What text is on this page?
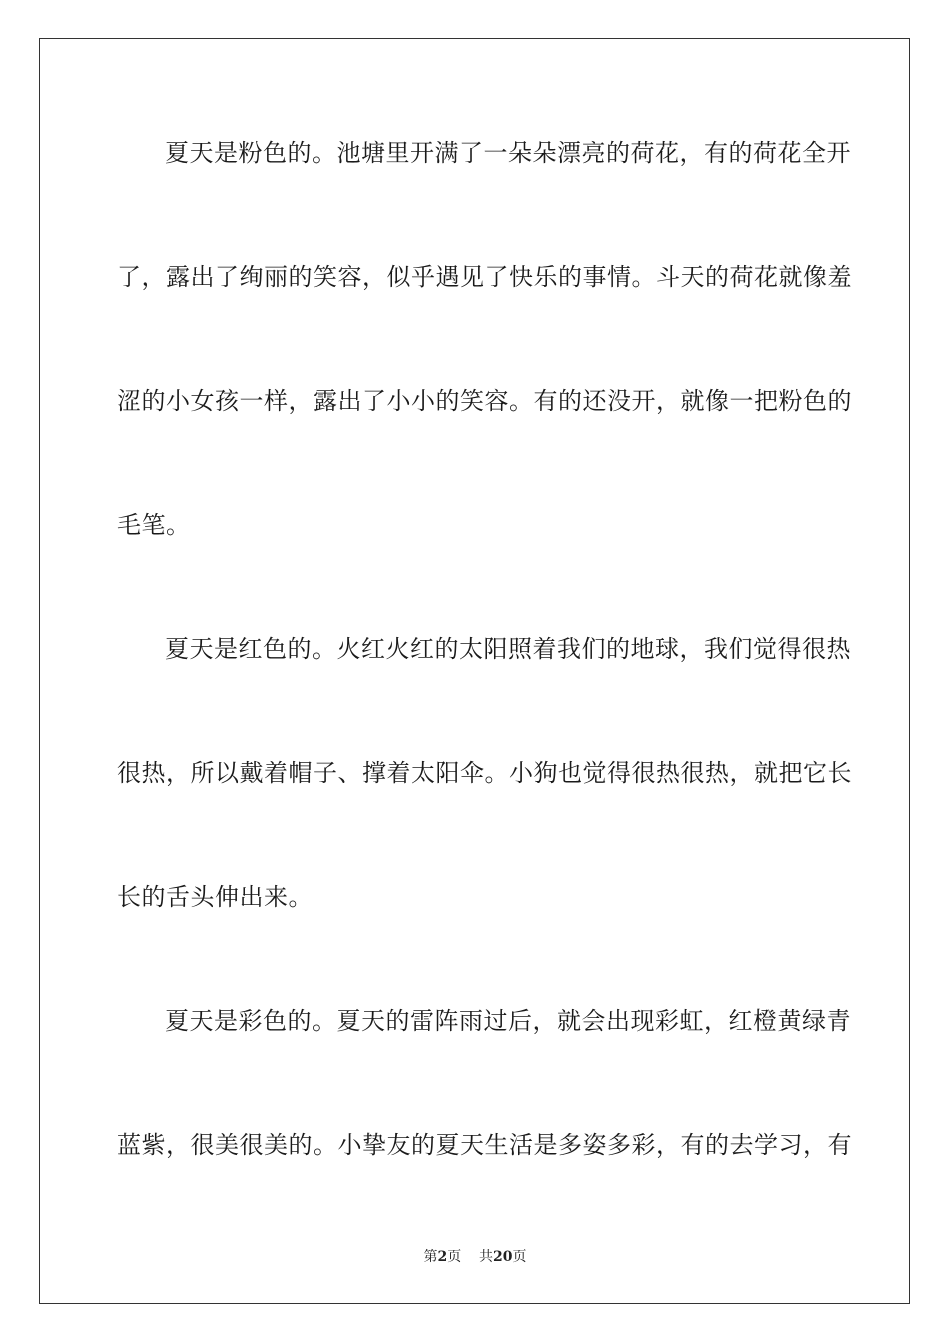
夏天是粉色的。池塘里开满了一朵朵漂亮的荷花，有的荷花全开
了，露出了绚丽的笑容，似乎遇见了快乐的事情。斗天的荷花就像羞
涩的小女孩一样，露出了小小的笑容。有的还没开，就像一把粉色的
毛笔。
夏天是红色的。火红火红的太阳照着我们的地球，我们觉得很热
很热，所以戴着帽子、撑着太阳伞。小狗也觉得很热很热，就把它长
长的舌头伸出来。
夏天是彩色的。夏天的雷阵雨过后，就会出现彩虹，红橙黄绿青
蓝紫，很美很美的。小挚友的夏天生活是多姿多彩，有的去学习，有
第2页 共20页
